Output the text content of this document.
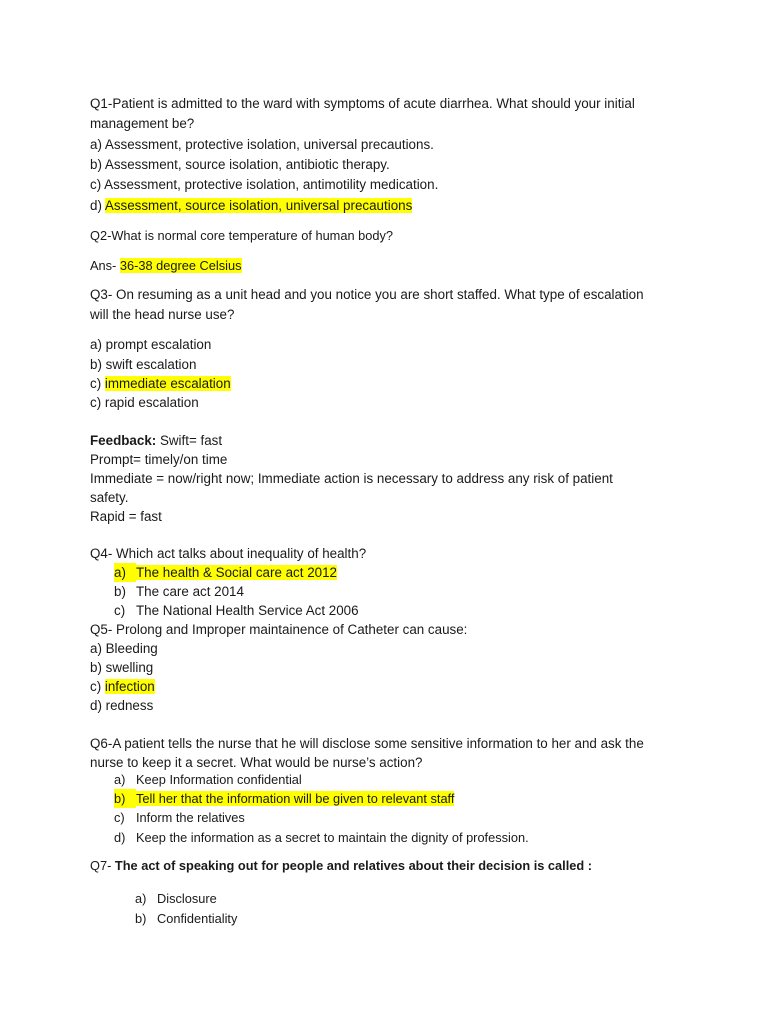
Q1-Patient is admitted to the ward with symptoms of acute diarrhea. What should your initial
management be?
a) Assessment, protective isolation, universal precautions.
b) Assessment, source isolation, antibiotic therapy.
c) Assessment, protective isolation, antimotility medication.
d) Assessment, source isolation, universal precautions
Q2-What is normal core temperature of human body?
Ans- 36-38 degree Celsius
Q3- On resuming as a unit head and you notice you are short staffed. What type of escalation
will the head nurse use?
a) prompt escalation
b) swift escalation
c) immediate escalation
c) rapid escalation
Feedback: Swift= fast
Prompt= timely/on time
Immediate = now/right now; Immediate action is necessary to address any risk of patient
safety.
Rapid = fast
Q4- Which act talks about inequality of health?
a) The health & Social care act 2012
b) The care act 2014
c) The National Health Service Act 2006
Q5- Prolong and Improper maintainence of Catheter can cause:
a) Bleeding
b) swelling
c) infection
d) redness
Q6-A patient tells the nurse that he will disclose some sensitive information to her and ask the
nurse to keep it a secret. What would be nurse’s action?
a) Keep Information confidential
b) Tell her that the information will be given to relevant staff
c) Inform the relatives
d) Keep the information as a secret to maintain the dignity of profession.
Q7- The act of speaking out for people and relatives about their decision is called :
a) Disclosure
b) Confidentiality
